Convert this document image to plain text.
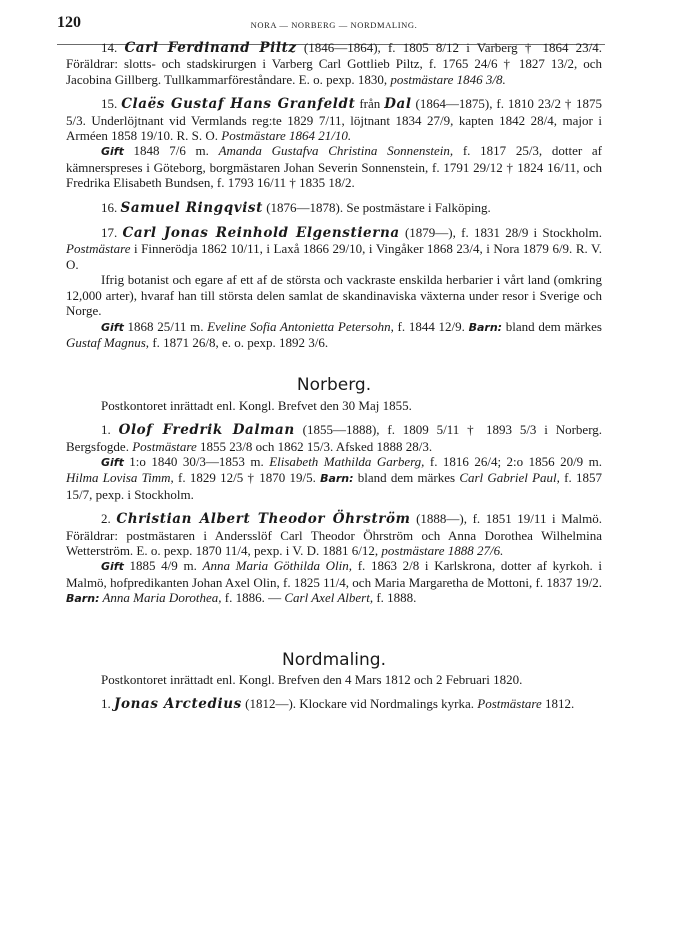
120	NORA — NORBERG — NORDMALING.

14. Carl Ferdinand Piltz (1846—1864), f. 1805 8/12 i Varberg † 1864 23/4. Föräldrar: slotts- och stadskirurgen i Varberg Carl Gottlieb Piltz, f. 1765 24/6 † 1827 13/2, och Jacobina Gillberg. Tullkammarföreståndare. E. o. pexp. 1830, postmästare 1846 3/8.

15. Claës Gustaf Hans Granfeldt från Dal (1864—1875), f. 1810 23/2 † 1875 5/3. Underlöjtnant vid Vermlands reg:te 1829 7/11, löjtnant 1834 27/9, kapten 1842 28/4, major i Arméen 1858 19/10. R. S. O. Postmästare 1864 21/10.

Gift 1848 7/6 m. Amanda Gustafva Christina Sonnenstein, f. 1817 25/3, dotter af kämnerspreses i Göteborg, borgmästaren Johan Severin Sonnenstein, f. 1791 29/12 † 1824 16/11, och Fredrika Elisabeth Bundsen, f. 1793 16/11 † 1835 18/2.

16. Samuel Ringqvist (1876—1878). Se postmästare i Falköping.

17. Carl Jonas Reinhold Elgenstierna (1879—), f. 1831 28/9 i Stockholm. Postmästare i Finnerödja 1862 10/11, i Laxå 1866 29/10, i Vingåker 1868 23/4, i Nora 1879 6/9. R. V. O.

Ifrig botanist och egare af ett af de största och vackraste enskilda herbarier i vårt land (omkring 12,000 arter), hvaraf han till största delen samlat de skandinaviska växterna under resor i Sverige och Norge.

Gift 1868 25/11 m. Eveline Sofia Antonietta Petersohn, f. 1844 12/9. Barn: bland dem märkes Gustaf Magnus, f. 1871 26/8, e. o. pexp. 1892 3/6.

Norberg.

Postkontoret inrättadt enl. Kongl. Brefvet den 30 Maj 1855.

1. Olof Fredrik Dalman (1855—1888), f. 1809 5/11 † 1893 5/3 i Norberg. Bergsfogde. Postmästare 1855 23/8 och 1862 15/3. Afsked 1888 28/3.

Gift 1:o 1840 30/3—1853 m. Elisabeth Mathilda Garberg, f. 1816 26/4; 2:o 1856 20/9 m. Hilma Lovisa Timm, f. 1829 12/5 † 1870 19/5. Barn: bland dem märkes Carl Gabriel Paul, f. 1857 15/7, pexp. i Stockholm.

2. Christian Albert Theodor Öhrström (1888—), f. 1851 19/11 i Malmö. Föräldrar: postmästaren i Andersslöf Carl Theodor Öhrström och Anna Dorothea Wilhelmina Wetterström. E. o. pexp. 1870 11/4, pexp. i V. D. 1881 6/12, postmästare 1888 27/6.

Gift 1885 4/9 m. Anna Maria Göthilda Olin, f. 1863 2/8 i Karlskrona, dotter af kyrkoh. i Malmö, hofpredikanten Johan Axel Olin, f. 1825 11/4, och Maria Margaretha de Mottoni, f. 1837 19/2. Barn: Anna Maria Dorothea, f. 1886. — Carl Axel Albert, f. 1888.

Nordmaling.

Postkontoret inrättadt enl. Kongl. Brefven den 4 Mars 1812 och 2 Februari 1820.

1. Jonas Arctedius (1812—). Klockare vid Nordmalings kyrka. Postmästare 1812.
